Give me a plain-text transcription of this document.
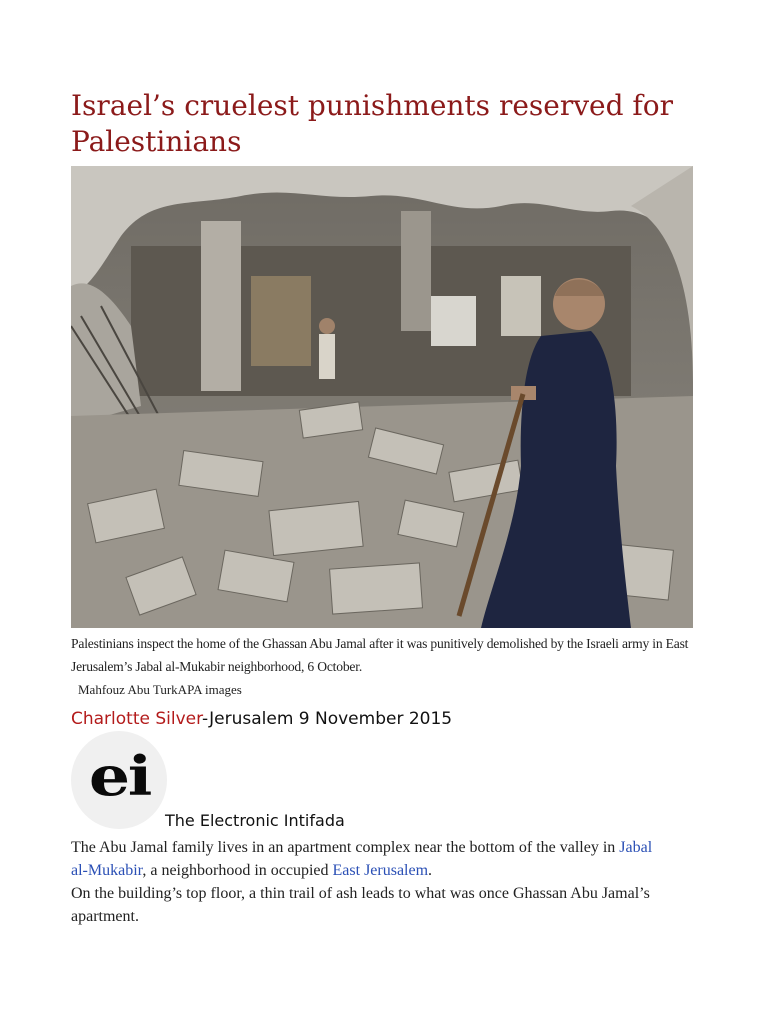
Israel’s cruelest punishments reserved for Palestinians
Palestinians inspect the home of the Ghassan Abu Jamal after it was punitively demolished by the Israeli army in East Jerusalem’s Jabal al-Mukabir neighborhood, 6 October.
Mahfouz Abu TurkAPA images
Charlotte Silver-Jerusalem 9 November 2015
ei
The Electronic Intifada

The Abu Jamal family lives in an apartment complex near the bottom of the valley in Jabal al-Mukabir, a neighborhood in occupied East Jerusalem.

On the building’s top floor, a thin trail of ash leads to what was once Ghassan Abu Jamal’s apartment.
